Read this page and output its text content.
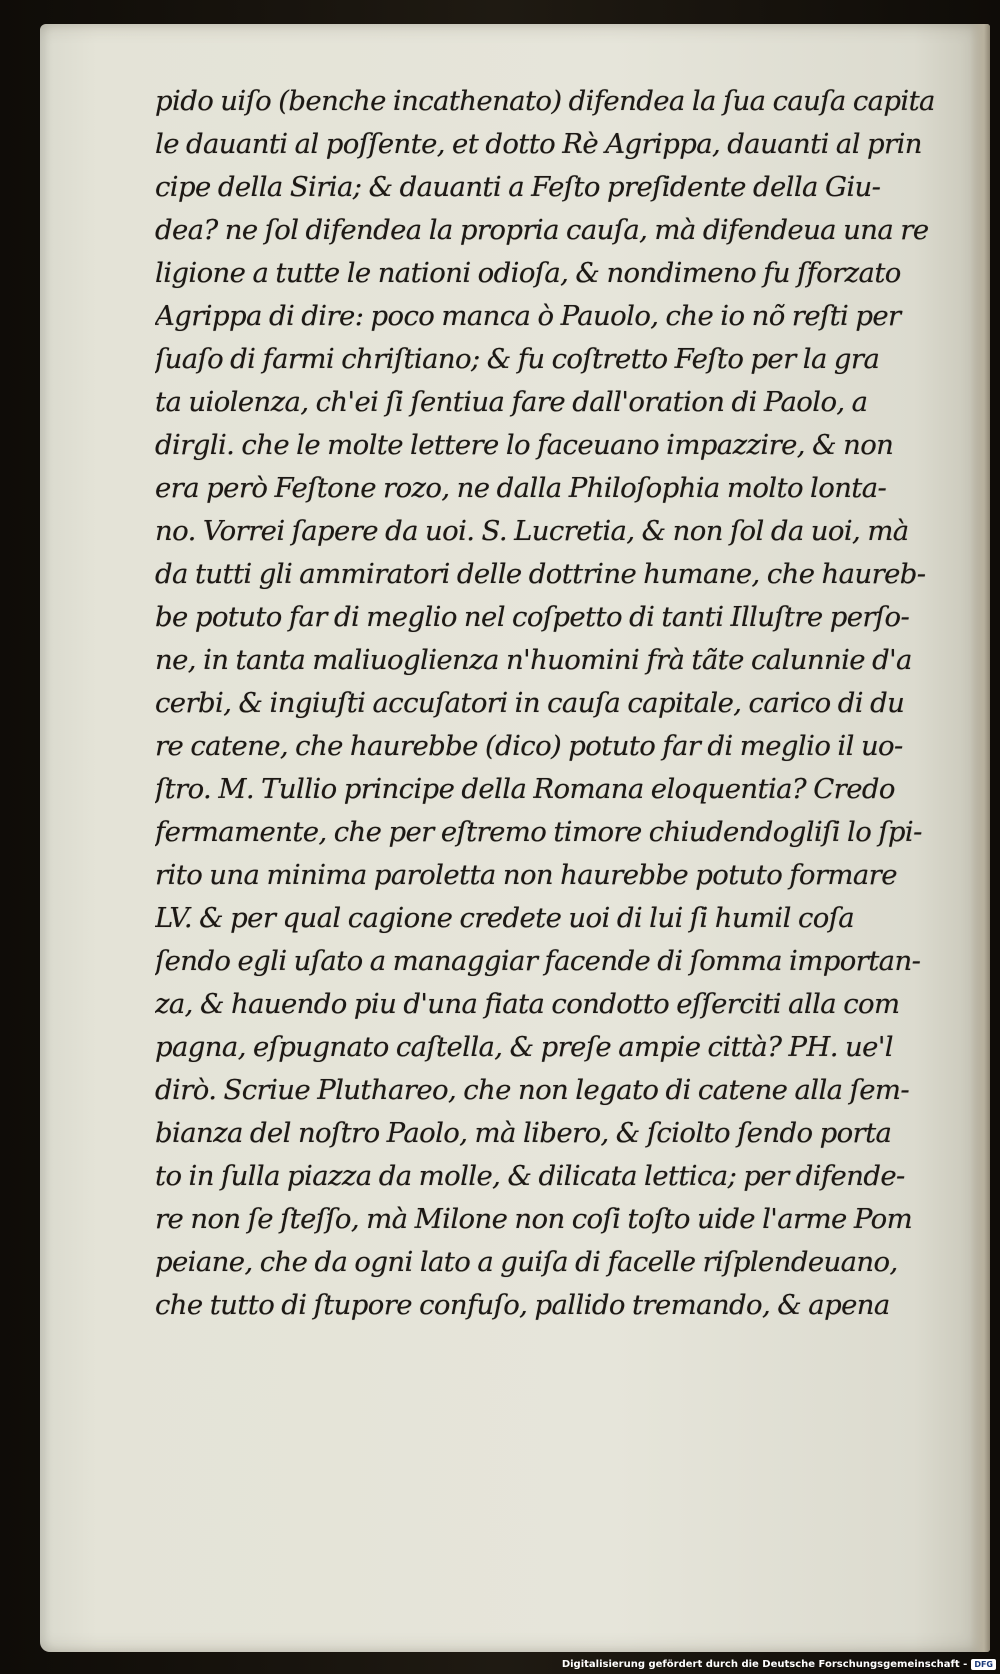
pido uiſo (benche incathenato) difendea la ſua cauſa capita
le dauanti al poſſente, et dotto Rè Agrippa, dauanti al prin
cipe della Siria; & dauanti a Feſto preſidente della Giu-
dea? ne ſol difendea la propria cauſa, mà difendeua una re
ligione a tutte le nationi odioſa, & nondimeno fu ſforzato
Agrippa di dire: poco manca ò Pauolo, che io nõ reſti per
ſuaſo di farmi chriſtiano; & fu coſtretto Feſto per la gra
ta uiolenza, ch'ei ſi ſentiua fare dall'oration di Paolo, a
dirgli. che le molte lettere lo faceuano impazzire, & non
era però Feſtone rozo, ne dalla Philoſophia molto lonta-
no. Vorrei ſapere da uoi. S. Lucretia, & non ſol da uoi, mà
da tutti gli ammiratori delle dottrine humane, che haureb-
be potuto far di meglio nel coſpetto di tanti Illuſtre perſo-
ne, in tanta maliuoglienza n'huomini frà tãte calunnie d'a
cerbi, & ingiuſti accuſatori in cauſa capitale, carico di du
re catene, che haurebbe (dico) potuto far di meglio il uo-
ſtro. M. Tullio principe della Romana eloquentia? Credo
fermamente, che per eſtremo timore chiudendogliſi lo ſpi-
rito una minima paroletta non haurebbe potuto formare
LV. & per qual cagione credete uoi di lui ſi humil coſa
ſendo egli uſato a managgiar facende di ſomma importan-
za, & hauendo piu d'una fiata condotto eſſerciti alla com
pagna, eſpugnato caſtella, & preſe ampie città? PH. ue'l
dirò. Scriue Pluthareo, che non legato di catene alla ſem-
bianza del noſtro Paolo, mà libero, & ſciolto ſendo porta
to in ſulla piazza da molle, & dilicata lettica; per difende-
re non ſe ſteſſo, mà Milone non coſi toſto uide l'arme Pom
peiane, che da ogni lato a guiſa di facelle riſplendeuano,
che tutto di ſtupore confuſo, pallido tremando, & apena
Digitalisierung gefördert durch die Deutsche Forschungsgemeinschaft - DFG
